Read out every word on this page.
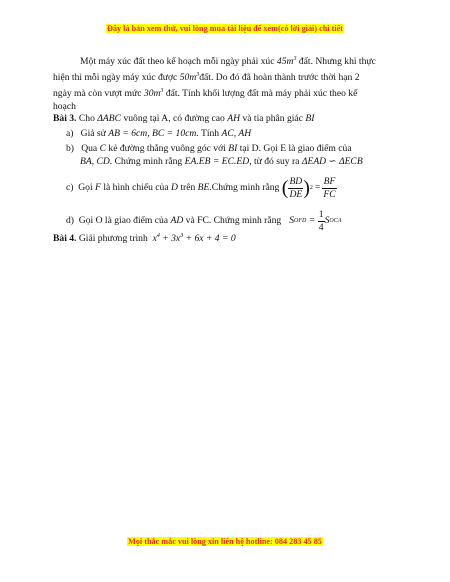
Đây là bản xem thử, vui lòng mua tài liệu để xem(có lời giải) chi tiết
Một máy xúc đất theo kế hoạch mỗi ngày phải xúc $45m^3$ đất. Nhưng khi thực
hiện thì mỗi ngày máy xúc được $50m^3đất$. Do đó đã hoàn thành trước thời hạn 2
ngày mà còn vượt mức $30m^3$ đất. Tính khối lượng đất mà máy phải xúc theo kế
hoạch
Bài 3. Cho ΔABC vuông tại A, có đường cao AH và tia phân giác BI
a) Giả sử AB = 6cm, BC = 10cm. Tính AC, AH
b) Qua C kẻ đường thẳng vuông góc với BI tại D. Gọi E là giao điểm của
BA, CD. Chứng minh rằng EA.EB = EC.ED, từ đó suy ra ΔEAD ∽ ΔECB
c)
Gọi
F
là hình chiếu của
D
trên
BE. Chứng minh rằng
( $\frac{BD}{DE}$ ) $2 = \frac{BF}{FC}$
d)
Gọi O là giao điểm của
AD
và FC. Chứng minh rằng S OFD = $\frac{1}{4}$ S OCA
Bài 4. Giải phương trình $x^4 + 3x^3 + 6x + 4 = 0$
Mọi thắc mắc vui lòng xin liên hệ hotline: 084 283 45 85
